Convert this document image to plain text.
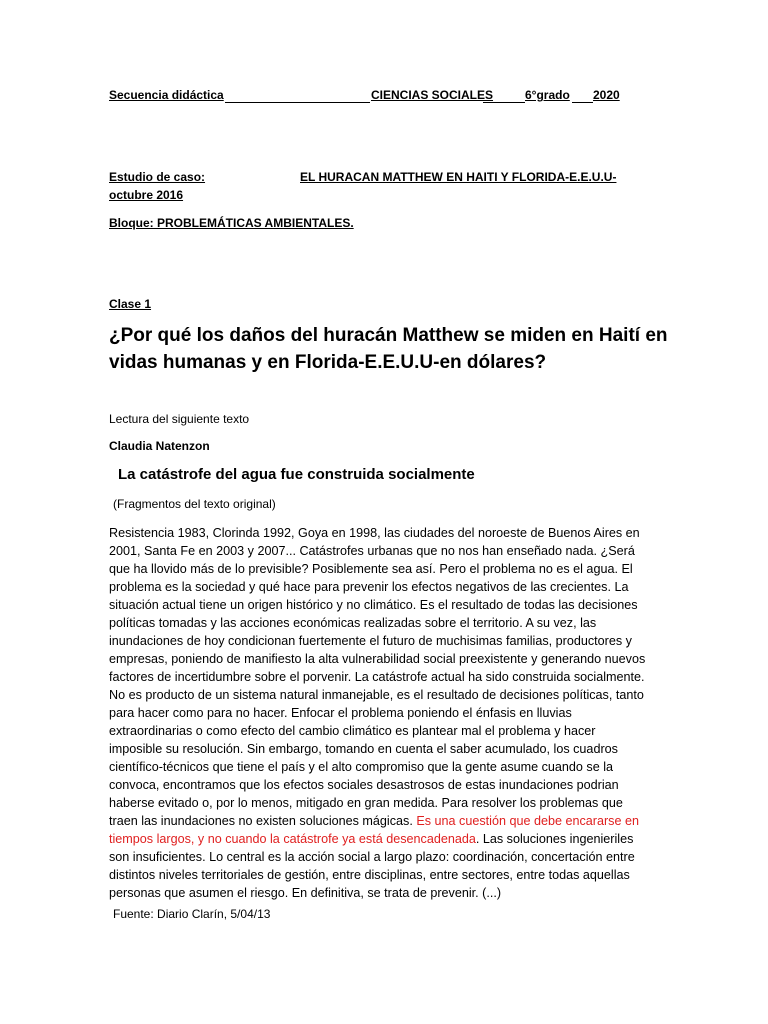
Secuencia didáctica	CIENCIAS SOCIALES	6°grado 2020
Estudio de caso:	EL HURACAN MATTHEW EN HAITI Y FLORIDA-E.E.U.U-
octubre 2016
Bloque: PROBLEMÁTICAS AMBIENTALES.
Clase 1
¿Por qué los daños del huracán Matthew se miden en Haití en vidas humanas y en Florida-E.E.U.U-en dólares?
Lectura del siguiente texto
Claudia Natenzon
La catástrofe del agua fue construida socialmente
(Fragmentos del texto original)
Resistencia 1983, Clorinda 1992, Goya en 1998, las ciudades del noroeste de Buenos Aires en 2001, Santa Fe en 2003 y 2007... Catástrofes urbanas que no nos han enseñado nada. ¿Será que ha llovido más de lo previsible? Posiblemente sea así. Pero el problema no es el agua. El problema es la sociedad y qué hace para prevenir los efectos negativos de las crecientes. La situación actual tiene un origen histórico y no climático. Es el resultado de todas las decisiones políticas tomadas y las acciones económicas realizadas sobre el territorio. A su vez, las inundaciones de hoy condicionan fuertemente el futuro de muchisimas familias, productores y empresas, poniendo de manifiesto la alta vulnerabilidad social preexistente y generando nuevos factores de incertidumbre sobre el porvenir. La catástrofe actual ha sido construida socialmente. No es producto de un sistema natural inmanejable, es el resultado de decisiones políticas, tanto para hacer como para no hacer. Enfocar el problema poniendo el énfasis en lluvias extraordinarias o como efecto del cambio climático es plantear mal el problema y hacer imposible su resolución. Sin embargo, tomando en cuenta el saber acumulado, los cuadros científico-técnicos que tiene el país y el alto compromiso que la gente asume cuando se la convoca, encontramos que los efectos sociales desastrosos de estas inundaciones podrian haberse evitado o, por lo menos, mitigado en gran medida. Para resolver los problemas que traen las inundaciones no existen soluciones mágicas. Es una cuestión que debe encararse en tiempos largos, y no cuando la catástrofe ya está desencadenada. Las soluciones ingenieriles son insuficientes. Lo central es la acción social a largo plazo: coordinación, concertación entre distintos niveles territoriales de gestión, entre disciplinas, entre sectores, entre todas aquellas personas que asumen el riesgo. En definitiva, se trata de prevenir. (...)
Fuente: Diario Clarín, 5/04/13
